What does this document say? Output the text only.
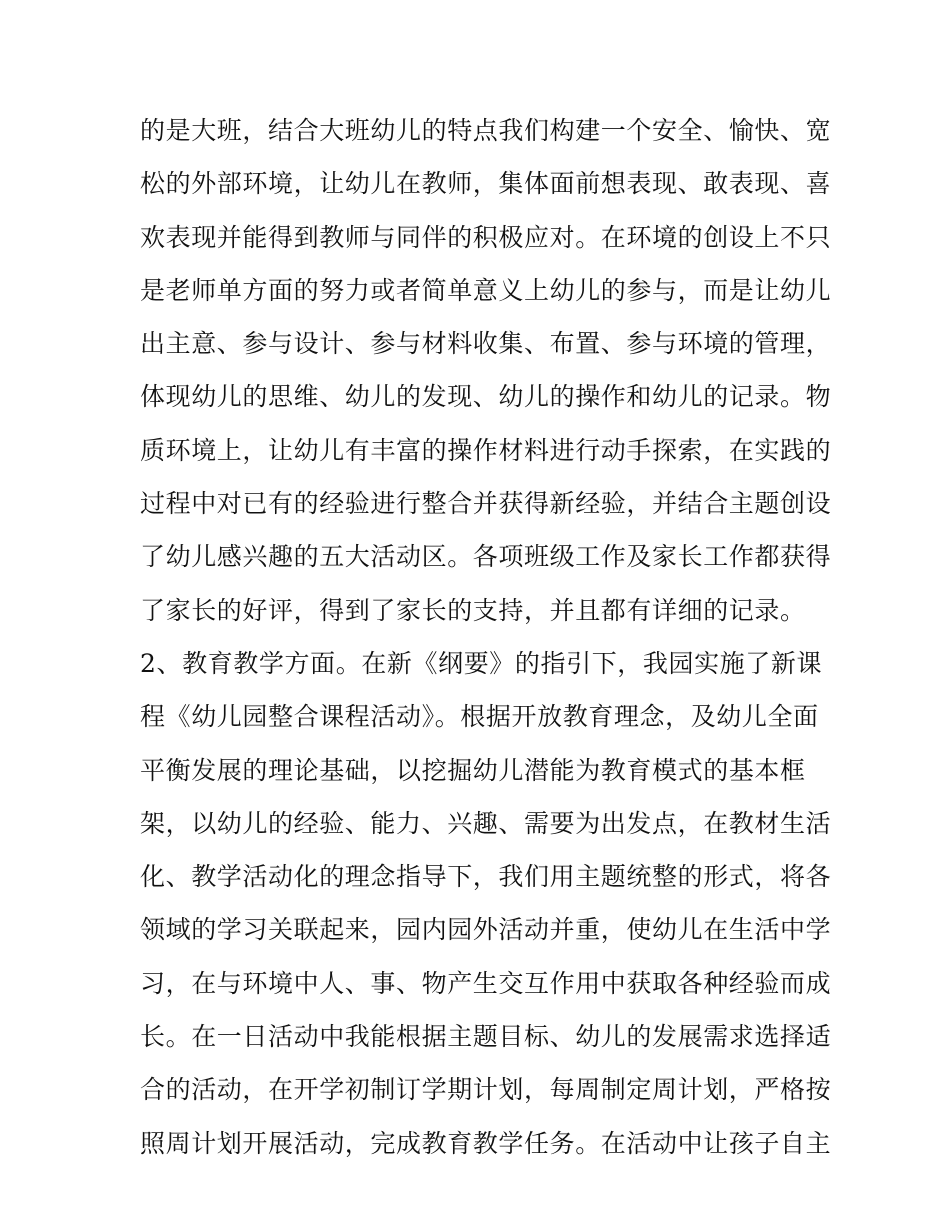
的是大班，结合大班幼儿的特点我们构建一个安全、愉快、宽
松的外部环境，让幼儿在教师，集体面前想表现、敢表现、喜
欢表现并能得到教师与同伴的积极应对。在环境的创设上不只
是老师单方面的努力或者简单意义上幼儿的参与，而是让幼儿
出主意、参与设计、参与材料收集、布置、参与环境的管理，
体现幼儿的思维、幼儿的发现、幼儿的操作和幼儿的记录。物
质环境上，让幼儿有丰富的操作材料进行动手探索，在实践的
过程中对已有的经验进行整合并获得新经验，并结合主题创设
了幼儿感兴趣的五大活动区。各项班级工作及家长工作都获得
了家长的好评，得到了家长的支持，并且都有详细的记录。
2、教育教学方面。在新《纲要》的指引下，我园实施了新课
程《幼儿园整合课程活动》。根据开放教育理念，及幼儿全面
平衡发展的理论基础，以挖掘幼儿潜能为教育模式的基本框
架，以幼儿的经验、能力、兴趣、需要为出发点，在教材生活
化、教学活动化的理念指导下，我们用主题统整的形式，将各
领域的学习关联起来，园内园外活动并重，使幼儿在生活中学
习，在与环境中人、事、物产生交互作用中获取各种经验而成
长。在一日活动中我能根据主题目标、幼儿的发展需求选择适
合的活动，在开学初制订学期计划，每周制定周计划，严格按
照周计划开展活动，完成教育教学任务。在活动中让孩子自主
